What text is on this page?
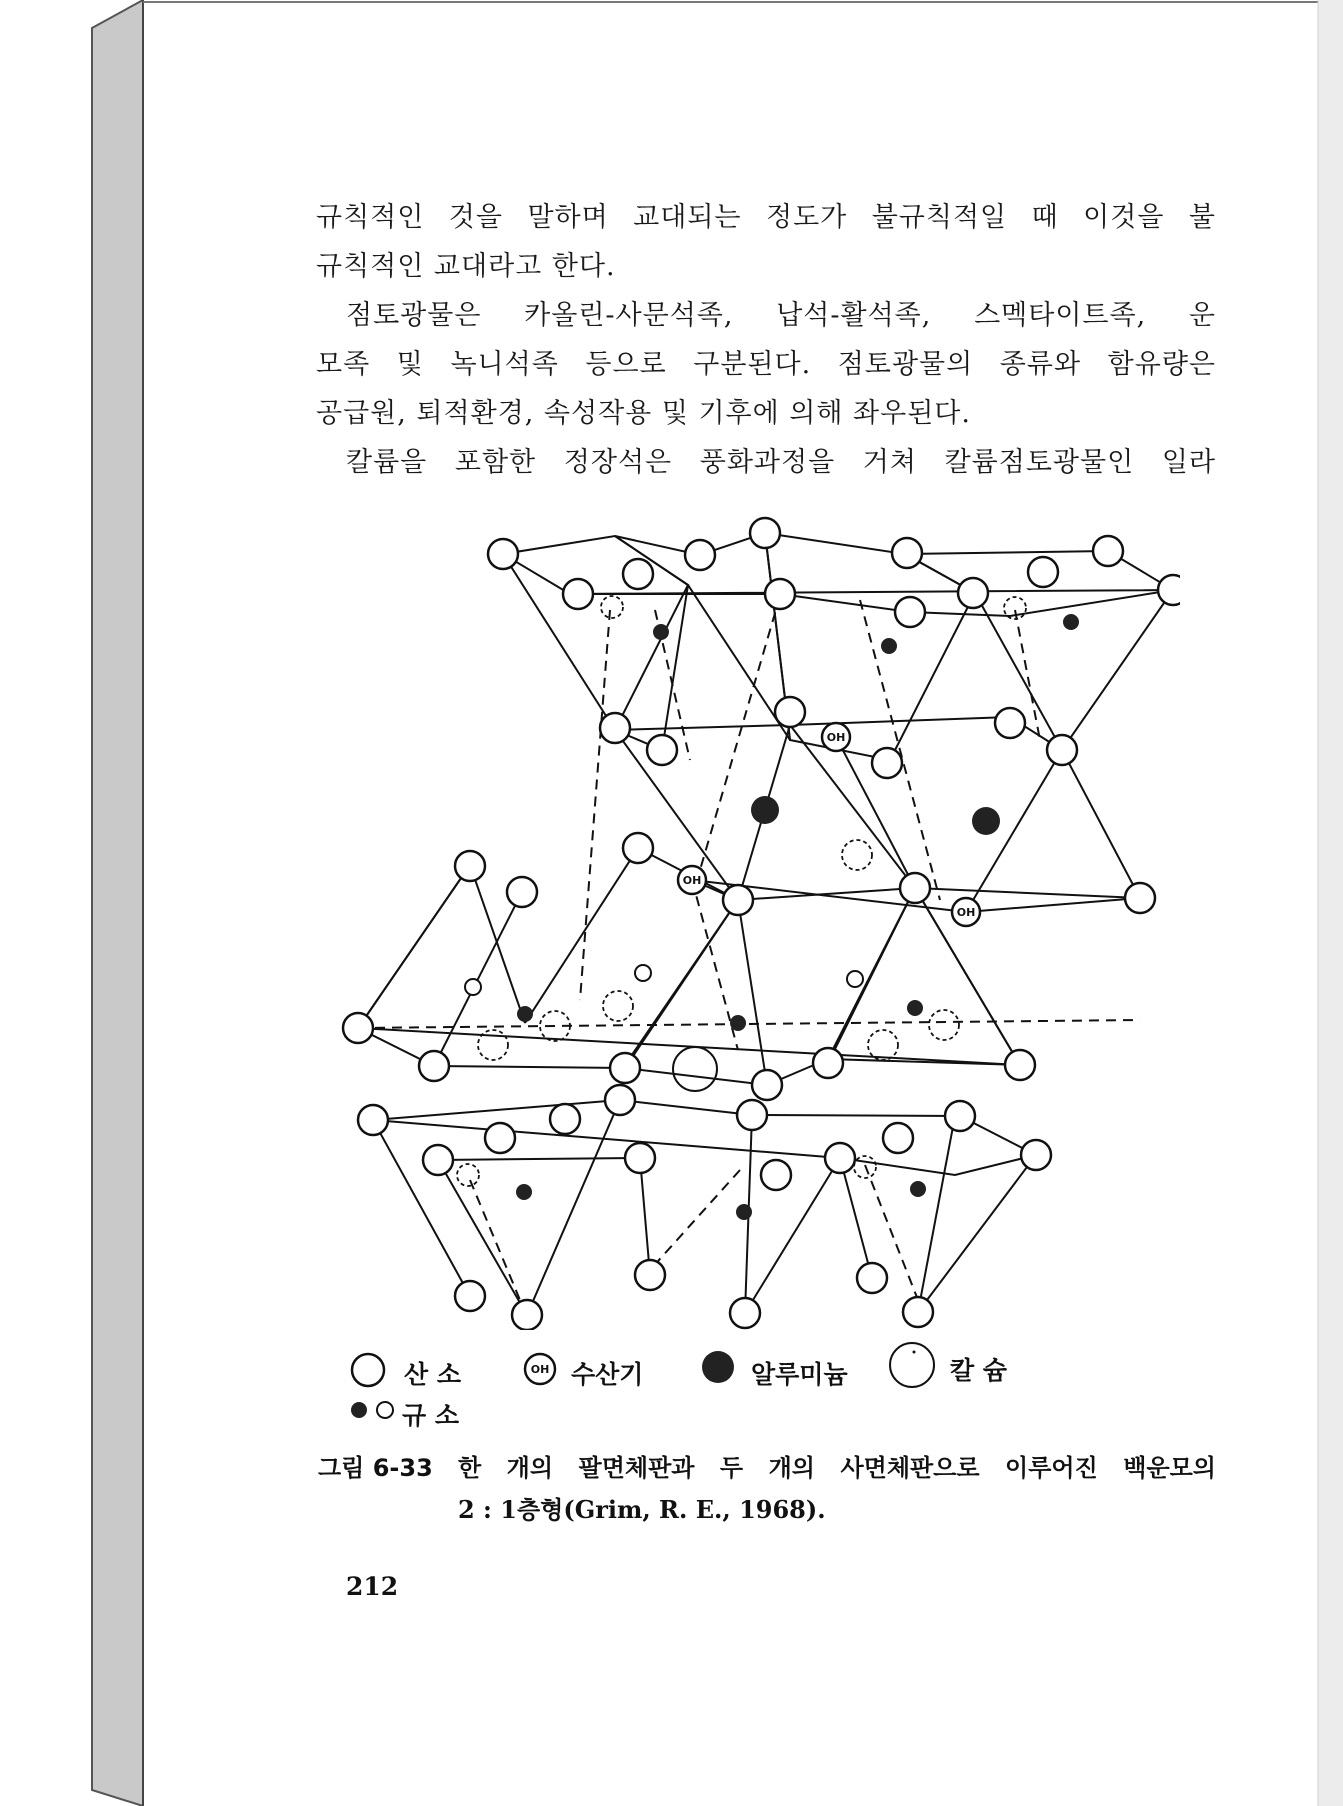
규칙적인 것을 말하며 교대되는 정도가 불규칙적일 때 이것을 불
규칙적인 교대라고 한다.
점토광물은 카올린-사문석족, 납석-활석족, 스멕타이트족, 운
모족 및 녹니석족 등으로 구분된다. 점토광물의 종류와 함유량은
공급원, 퇴적환경, 속성작용 및 기후에 의해 좌우된다.
칼륨을 포함한 정장석은 풍화과정을 거쳐 칼륨점토광물인 일라
OH
OH
OH
OH
산 소	수산기	알루미늄	칼 슘
규 소
그림 6-33 한 개의 팔면체판과 두 개의 사면체판으로 이루어진 백운모의
2 : 1층형(Grim, R. E., 1968).
212
